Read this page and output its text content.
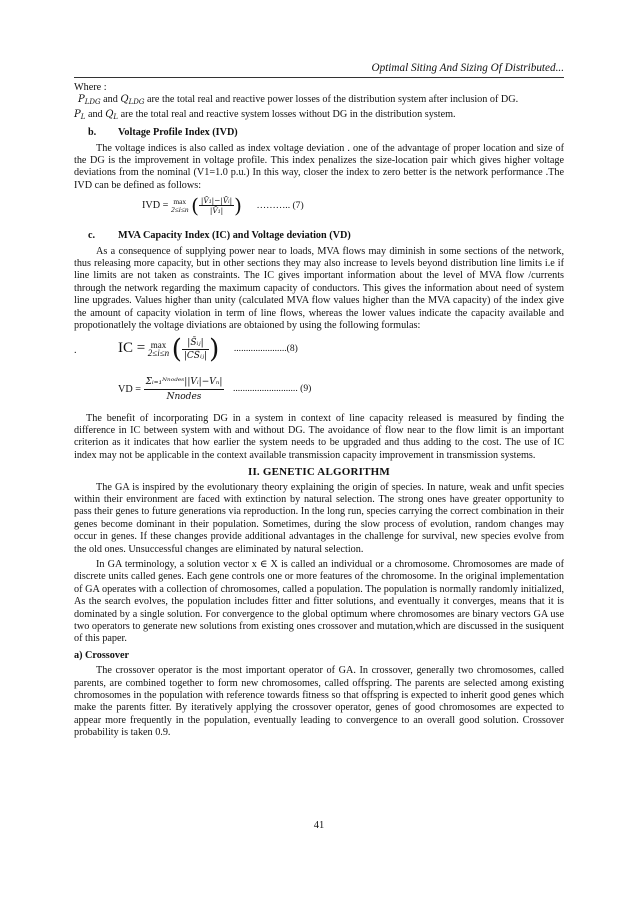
Optimal Siting And Sizing Of Distributed...

Where :

$P_{LDG}$ and $Q_{LDG}$ are the total real and reactive power losses of the distribution system after inclusion of DG.

$P_L$ and $Q_L$ are the total real and reactive system losses without DG in the distribution system.

b. Voltage Profile Index (IVD)

The voltage indices is also called as index voltage deviation . one of the advantage of proper location and size of the DG is the improvement in voltage profile. This index penalizes the size-location pair which gives higher voltage deviations from the nominal (V1=1.0 p.u.) In this way, closer the index to zero better is the network performance .The IVD can be defined as follows:

IVD = max
2≤i≤n ( $\frac{\text{|V̄₁|−|V̄ᵢ|}}{\text{|V̄₁|}}$ ) ……….. (7)
c. MVA Capacity Index (IC) and Voltage deviation (VD)

As a consequence of supplying power near to loads, MVA flows may diminish in some sections of the network, thus releasing more capacity, but in other sections they may also increase to levels beyond distribution line limits i.e if line limits are not taken as constraints. The IC gives important information about the level of MVA flow /currents through the network regarding the maximum capacity of conductors. This gives the information about need of system line upgrades. Values higher than unity (calculated MVA flow values higher than the MVA capacity) of the index give the amount of capacity violation in term of line flows, whereas the lower values indicate the capacity available and propotionatlely the voltage diviations are obtaioned by using the following formulas:

.	IC = max
2≤i≤n ( $\frac{\text{|S̄ᵢⱼ|}}{\text{|CS̄ᵢⱼ|}}$ ) ......................(8)
VD = $\frac{\text{Σᵢ₌₁ᴺⁿᵒᵈᵉˢ||Vᵢ|−Vₙ|}}{\text{Nnodes}}$ ........................... (9)

The benefit of incorporating DG in a system in context of line capacity released is measured by finding the difference in IC between system with and without DG. The avoidance of flow near to the flow limit is an important criterion as it indicates that how earlier the system needs to be upgraded and thus adding to the cost. The use of IC index may not be applicable in the context available transmission capacity improvement in transmission systems.

II. GENETIC ALGORITHM

The GA is inspired by the evolutionary theory explaining the origin of species. In nature, weak and unfit species within their environment are faced with extinction by natural selection. The strong ones have greater opportunity to pass their genes to future generations via reproduction. In the long run, species carrying the correct combination in their genes become dominant in their population. Sometimes, during the slow process of evolution, random changes may occur in genes. If these changes provide additional advantages in the challenge for survival, new species evolve from the old ones. Unsuccessful changes are eliminated by natural selection.

In GA terminology, a solution vector x ∈ X is called an individual or a chromosome. Chromosomes are made of discrete units called genes. Each gene controls one or more features of the chromosome. In the original implementation of GA operates with a collection of chromosomes, called a population. The population is normally randomly initialized, As the search evolves, the population includes fitter and fitter solutions, and eventually it converges, means that it is dominated by a single solution. For convergence to the global optimum where chromosomes are binary vectors GA use two operators to generate new solutions from existing ones crossover and mutation,which are discussed in the susiquent of this paper.

a) Crossover

The crossover operator is the most important operator of GA. In crossover, generally two chromosomes, called parents, are combined together to form new chromosomes, called offspring. The parents are selected among existing chromosomes in the population with reference towards fitness so that offspring is expected to inherit good genes which make the parents fitter. By iteratively applying the crossover operator, genes of good chromosomes are expected to appear more frequently in the population, eventually leading to convergence to an overall good solution. Crossover probability is taken 0.9.

41
